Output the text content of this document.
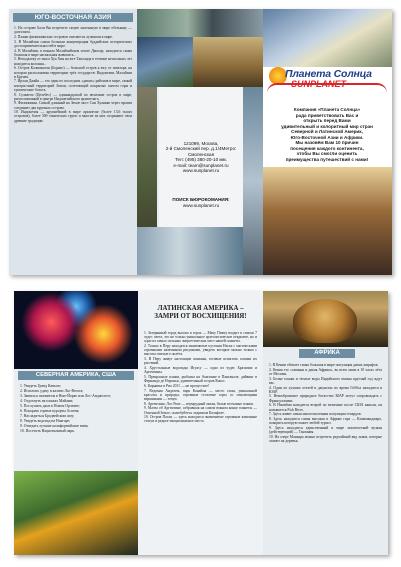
ЮГО-ВОСТОЧНАЯ АЗИЯ

1. На острове Бали Вы встретите самую маленькую в мире обезьянку — долгопята.

2. Пляжи филиппинских островов считаются лучшими в мире.

3. В Малайзии самая большая концентрация буддийских исторических достопримечательностей в мире.

4. В Малайзии, в южном Малайзийском штате Джохор, находится самая большая в мире наскальная живопись...

5. Неподалеку от мыса Хуа Хин на юге Таиланда в течение нескольких лет находится колония...

6. Остров Калимантан (Борнео) — большой остров к югу от экватора, на котором расположены территории трёх государств: Индонезии, Малайзии и Брунея.

7. Ирлан Джайя — это один из последних «диких» районов в мире, самый контрастный территорий Земли, сочетающий покрытые снегом горы и тропические болота.

8. Сулавеси (Целебес) — одиннадцатый по величине остров в мире, расположенный в центре Индонезийского архипелага.

9. Филиппины. Самый длинный на Земле мост Сан Хуанико через пролив соединяет два крупных острова.

10. Индонезия — крупнейший в мире архипелаг (более 13,6 тысяч островов), более 300 этнических групп и многие из них сохраняют свои древние традиции.

121099, Москва,
2-й Смоленский пер. д.1/4Метро:
Смоленская
Тел: (495) 380-20-10 мм.
e-mail: team@sunplanet.ru
www.sunplanet.ru
ПОИСК БЮРОКОМАНИЯ:
www.sunplanet.ru
Планета Солнца
SUNPLANET
Компания «Планета Солнца»
рада приветствовать Вас и
открыть перед Вами
удивительный и колоритный мир стран
Северной и Латинской Америк,
Юго-Восточной Азии и Африки.
Мы назовём Вам 10 причин
посещения каждого континента,
чтобы Вы смогли оценить
преимущества путешествий с нами!
СЕВЕРНАЯ АМЕРИКА, США

1. Увидеть Гранд Каньон;

2. Испытать удачу в казино Лас-Вегаса;

3. Заняться шопингом в Нью-Йорке или Лос-Анджелесе;

4. Отдохнуть на пляжах Майами;

5. Послушать джаз в Новом Орлеане;

6. Покорить горные курорты Аспена;

7. Насладиться Бродвейским шоу;

8. Увидеть водопад на Ниагаре;

9. Отведать лучшие калифорнийские вина;

10. Посетить Национальный парк.

ЛАТИНСКАЯ АМЕРИКА –
ЗАМРИ ОТ ВОСХИЩЕНИЯ!

1. Затерянный город высоко в горах — Мачу Пикчу входит в список 7 чудес света, это не только уникальное археологическое открытие, но и одно из самых сильных энергетических мест нашей планеты.

2. Только в Перу находятся знаменитые пустыни Наска с магическими огромными наземными рисунками, увидеть которые можно только с высоты птичьего полёта.

3. В Перу живут настоящие шаманы, готовые испытать силами их растений.

4. Хрустальные водопады Игуасу — одно из чудес Бразилии и Аргентины.

5. Прекрасные пляжи, рыбалка на Амазонке в Пантанале, дайвинг в Фернандо де Норонья, удивительный остров Кокос.

6. Карнавал в Рио 2011 — не пропустите!

7. Ведомая Анделем, парк Канайма — место силы, уникальной красоты и природы, огромные столовые горы со свисающими вершинами — тепуи.

8. Аргентина: Лос Роке — изумрудный океан, белые песчаные пляжи.

9. Мачта об Аргентине, собравшая на самом южном конце планеты — Огненной Земле, полюбуйтесь ледником Калафате.

10. Остров Пасхи — здесь находятся знаменитые огромные каменные статуи и редкое эмоциональное место.

АФРИКА

1. В Кении обитает самая большая в мире популяция диких жирафов.

2. Кения это «саванна и дикая Африка», во всем лишь в 10 часах лёта от Москвы.

3. Белые пляжи и теплые воды Индийского океана круглый год ждут вас.

4. Один из лучших отелей в джунглях во время Гоббса находится в ЮАР.

5. Невообразимое природное богатство ЮАР могут сопровождать с Французскими.

6. В Намибии находится второй по величине после США каньон, он называется Fish River.

7. Здесь живет самая многочисленная популяция гепардов.

8. Здесь находится самая высокая в Африке гора — Килиманджаро, покорить которую может любой турист.

9. Здесь находится единственный в мире экзотический вулкан (действующий) — Танзания.

10. На озере Маньяра можно встретить редчайший вид львов, которые лазают на деревья.
